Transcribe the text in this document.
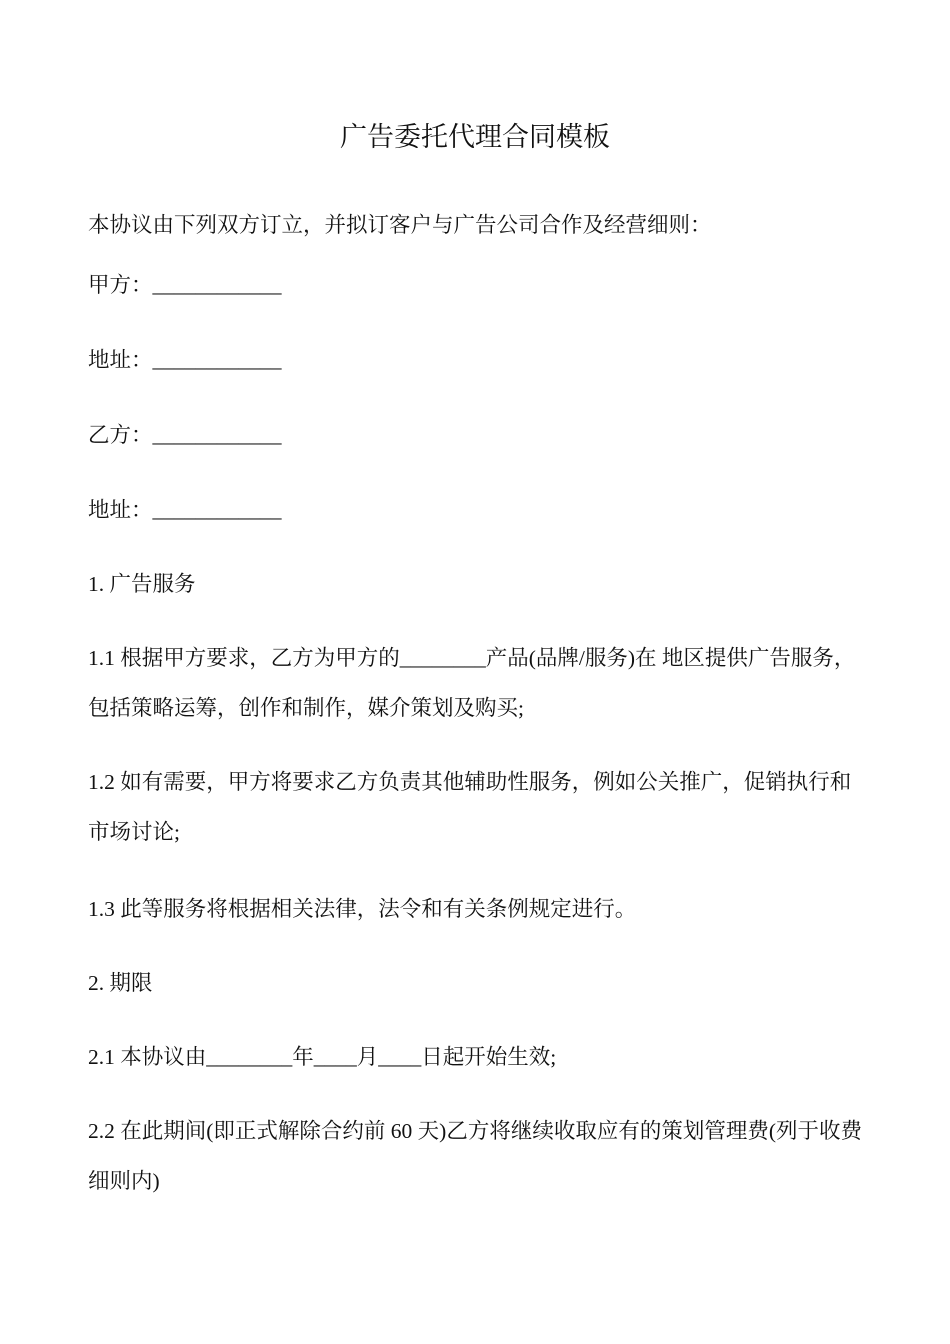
广告委托代理合同模板

本协议由下列双方订立，并拟订客户与广告公司合作及经营细则：

甲方：____________

地址：____________

乙方：____________

地址：____________

1. 广告服务

1.1 根据甲方要求，乙方为甲方的________产品(品牌/服务)在 地区提供广告服务，包括策略运筹，创作和制作，媒介策划及购买;

1.2 如有需要，甲方将要求乙方负责其他辅助性服务，例如公关推广，促销执行和市场讨论;

1.3 此等服务将根据相关法律，法令和有关条例规定进行。

2. 期限

2.1 本协议由________年____月____日起开始生效;

2.2 在此期间(即正式解除合约前 60 天)乙方将继续收取应有的策划管理费(列于收费细则内)
